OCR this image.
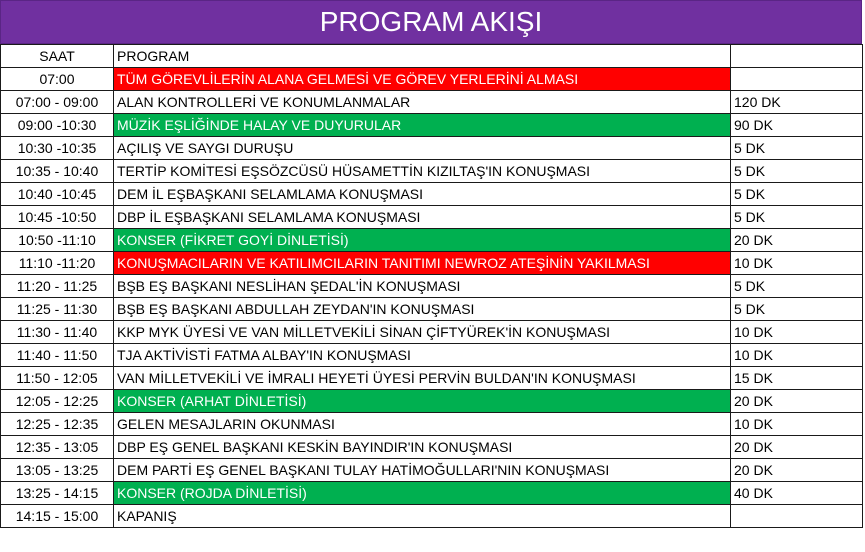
PROGRAM AKIŞI
SAAT	PROGRAM	
07:00	TÜM GÖREVLİLERİN ALANA GELMESİ VE GÖREV YERLERİNİ ALMASI	
07:00 - 09:00	ALAN KONTROLLERİ VE KONUMLANMALAR	120 DK
09:00 -10:30	MÜZİK EŞLİĞİNDE HALAY VE DUYURULAR	90 DK
10:30 -10:35	AÇILIŞ VE SAYGI DURUŞU	5 DK
10:35 - 10:40	TERTİP KOMİTESİ EŞSÖZCÜSÜ HÜSAMETTİN KIZILTAŞ'IN KONUŞMASI	5 DK
10:40 -10:45	DEM İL EŞBAŞKANI SELAMLAMA KONUŞMASI	5 DK
10:45 -10:50	DBP İL EŞBAŞKANI SELAMLAMA KONUŞMASI	5 DK
10:50 -11:10	KONSER (FİKRET GOYİ DİNLETİSİ)	20 DK
11:10 -11:20	KONUŞMACILARIN VE KATILIMCILARIN TANITIMI NEWROZ ATEŞİNİN YAKILMASI	10 DK
11:20 - 11:25	BŞB EŞ BAŞKANI NESLİHAN ŞEDAL'İN KONUŞMASI	5 DK
11:25 - 11:30	BŞB EŞ BAŞKANI ABDULLAH ZEYDAN'IN KONUŞMASI	5 DK
11:30 - 11:40	KKP MYK ÜYESİ VE VAN MİLLETVEKİLİ SİNAN ÇİFTYÜREK'İN KONUŞMASI	10 DK
11:40 - 11:50	TJA AKTİVİSTİ FATMA ALBAY'IN KONUŞMASI	10 DK
11:50 - 12:05	VAN MİLLETVEKİLİ VE İMRALI HEYETİ ÜYESİ PERVİN BULDAN'IN KONUŞMASI	15 DK
12:05 - 12:25	KONSER (ARHAT DİNLETİSİ)	20 DK
12:25 - 12:35	GELEN MESAJLARIN OKUNMASI	10 DK
12:35 - 13:05	DBP EŞ GENEL BAŞKANI KESKİN BAYINDIR'IN KONUŞMASI	20 DK
13:05 - 13:25	DEM PARTİ EŞ GENEL BAŞKANI TULAY HATİMOĞULLARI'NIN KONUŞMASI	20 DK
13:25 - 14:15	KONSER (ROJDA DİNLETİSİ)	40 DK
14:15 - 15:00	KAPANIŞ	
